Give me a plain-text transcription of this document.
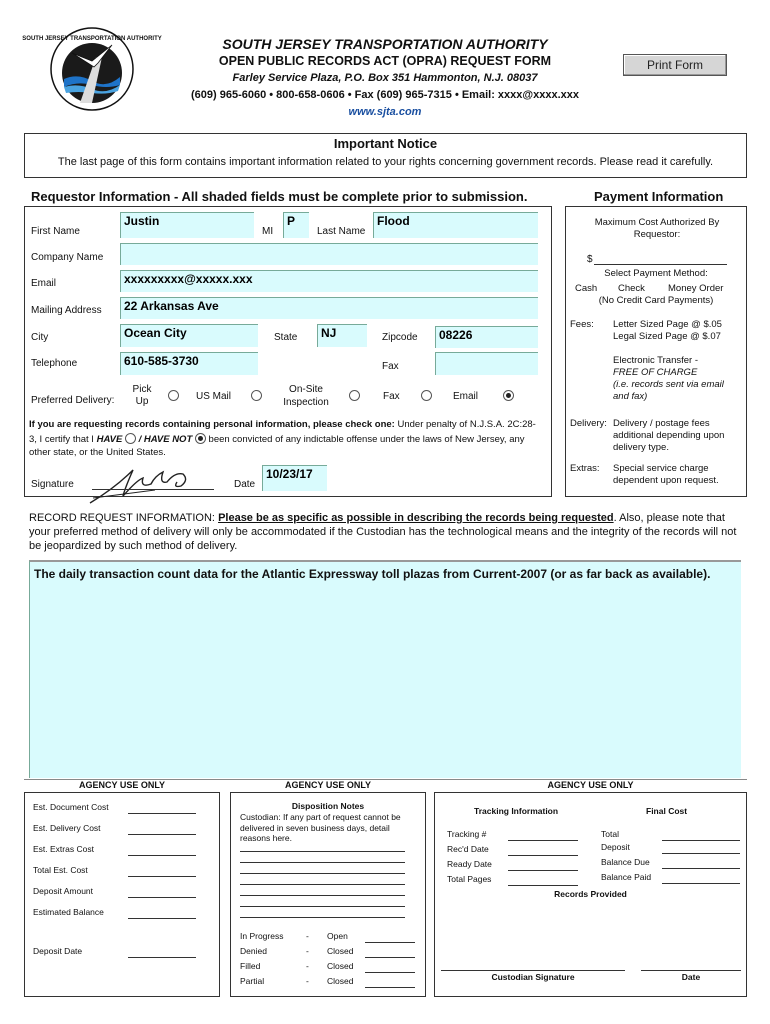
SOUTH JERSEY TRANSPORTATION AUTHORITY	SOUTH JERSEY TRANSPORTATION AUTHORITY
OPEN PUBLIC RECORDS ACT (OPRA) REQUEST FORM
Farley Service Plaza, P.O. Box 351 Hammonton, N.J. 08037
(609) 965-6060 • 800-658-0606 • Fax (609) 965-7315 • Email: xxxx@xxxx.xxx
www.sjta.com
Print Form
Important Notice
The last page of this form contains important information related to your rights concerning government records. Please read it carefully.
Requestor Information - All shaded fields must be complete prior to submission.
First Name
Justin
MI
P
Last Name
Flood
Company Name
Email	xxxxxxxxx@xxxxx.xxx
Mailing Address	22 Arkansas Ave
City	Ocean City	State	NJ	Zipcode	08226
Telephone	610-585-3730	Fax
Preferred Delivery:
Pick Up	US Mail
On-Site Inspection
Fax	Email
If you are requesting records containing personal information, please check one: Under penalty of N.J.S.A. 2C:28-3, I certify that I HAVE / HAVE NOT been convicted of any indictable offense under the laws of New Jersey, any other state, or the United States.
Signature	Date
10/23/17
Payment Information
Maximum Cost Authorized By Requestor:
$
Select Payment Method:
Cash Check Money Order
(No Credit Card Payments)
Fees: Letter Sized Page @ $.05
Legal Sized Page @ $.07
Electronic Transfer -
FREE OF CHARGE
(i.e. records sent via email and fax)
Delivery: Delivery / postage fees additional depending upon delivery type.
Extras: Special service charge dependent upon request.
RECORD REQUEST INFORMATION: Please be as specific as possible in describing the records being requested. Also, please note that your preferred method of delivery will only be accommodated if the Custodian has the technological means and the integrity of the records will not be jeopardized by such method of delivery.
The daily transaction count data for the Atlantic Expressway toll plazas from Current-2007 (or as far back as available).
AGENCY USE ONLY	AGENCY USE ONLY	AGENCY USE ONLY
Est. Document Cost
Est. Delivery Cost
Est. Extras Cost
Total Est. Cost
Deposit Amount
Estimated Balance
Deposit Date
Disposition Notes
Custodian: If any part of request cannot be delivered in seven business days, detail reasons here.
In Progress	- Open
Denied	- Closed
Filled	- Closed
Partial	- Closed
Tracking Information	Final Cost
Tracking #
Rec'd Date
Ready Date
Total Pages
Total
Deposit
Balance Due
Balance Paid
Records Provided
Custodian Signature	Date
